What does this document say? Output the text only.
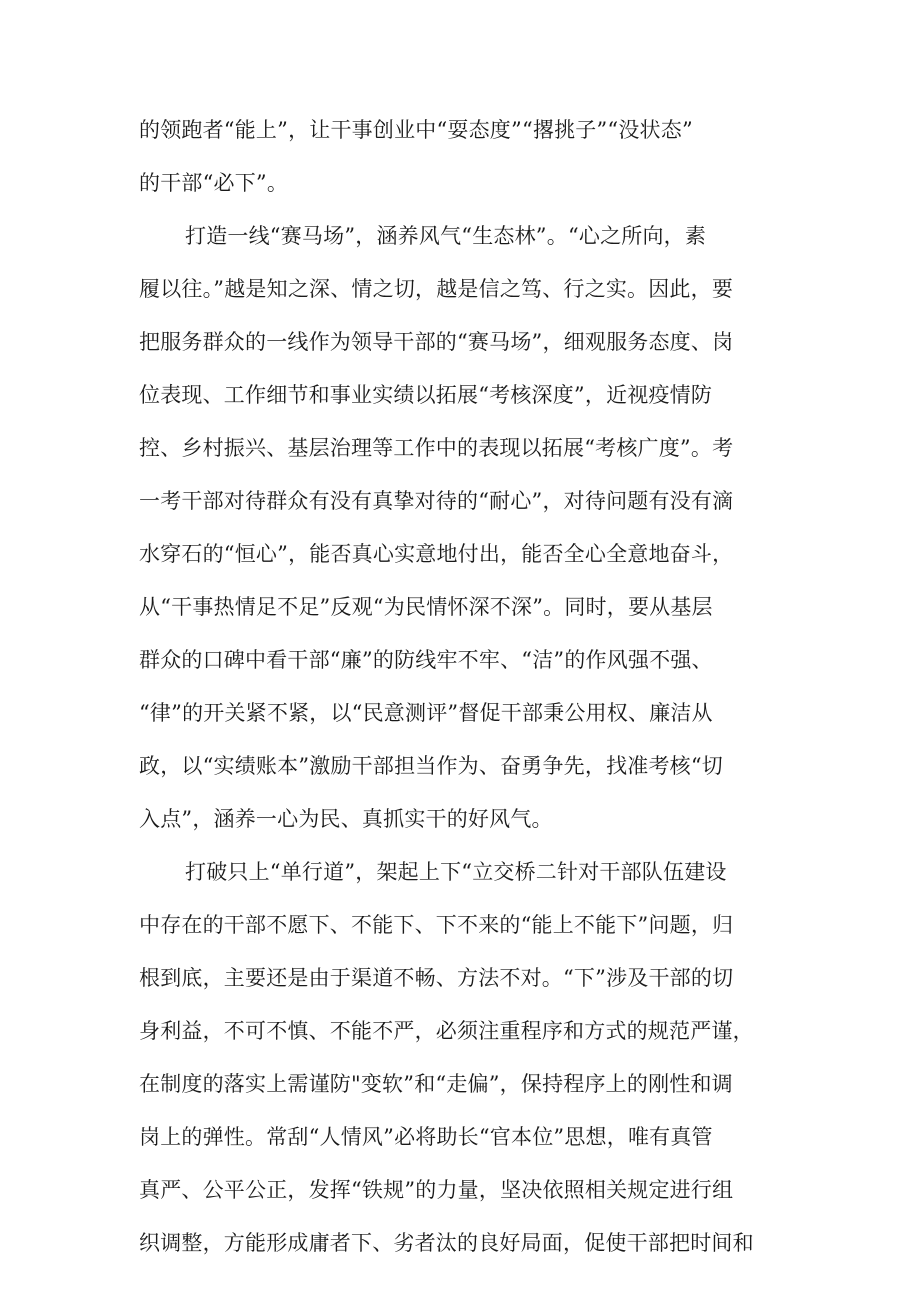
的领跑者“能上”，让干事创业中“耍态度”“撂挑子”“没状态”
的干部“必下”。
打造一线“赛马场”，涵养风气“生态林”。“心之所向，素
履以往。”越是知之深、情之切，越是信之笃、行之实。因此，要
把服务群众的一线作为领导干部的“赛马场”，细观服务态度、岗
位表现、工作细节和事业实绩以拓展“考核深度”，近视疫情防
控、乡村振兴、基层治理等工作中的表现以拓展“考核广度”。考
一考干部对待群众有没有真挚对待的“耐心”，对待问题有没有滴
水穿石的“恒心”，能否真心实意地付出，能否全心全意地奋斗，
从“干事热情足不足”反观“为民情怀深不深”。同时，要从基层
群众的口碑中看干部“廉”的防线牢不牢、“洁”的作风强不强、
“律”的开关紧不紧，以“民意测评”督促干部秉公用权、廉洁从
政，以“实绩账本”激励干部担当作为、奋勇争先，找准考核“切
入点”，涵养一心为民、真抓实干的好风气。
打破只上“单行道”，架起上下“立交桥二针对干部队伍建设
中存在的干部不愿下、不能下、下不来的“能上不能下”问题，归
根到底，主要还是由于渠道不畅、方法不对。“下”涉及干部的切
身利益，不可不慎、不能不严，必须注重程序和方式的规范严谨，
在制度的落实上需谨防"变软”和“走偏”，保持程序上的刚性和调
岗上的弹性。常刮“人情风”必将助长“官本位”思想，唯有真管
真严、公平公正，发挥“铁规”的力量，坚决依照相关规定进行组
织调整，方能形成庸者下、劣者汰的良好局面，促使干部把时间和
